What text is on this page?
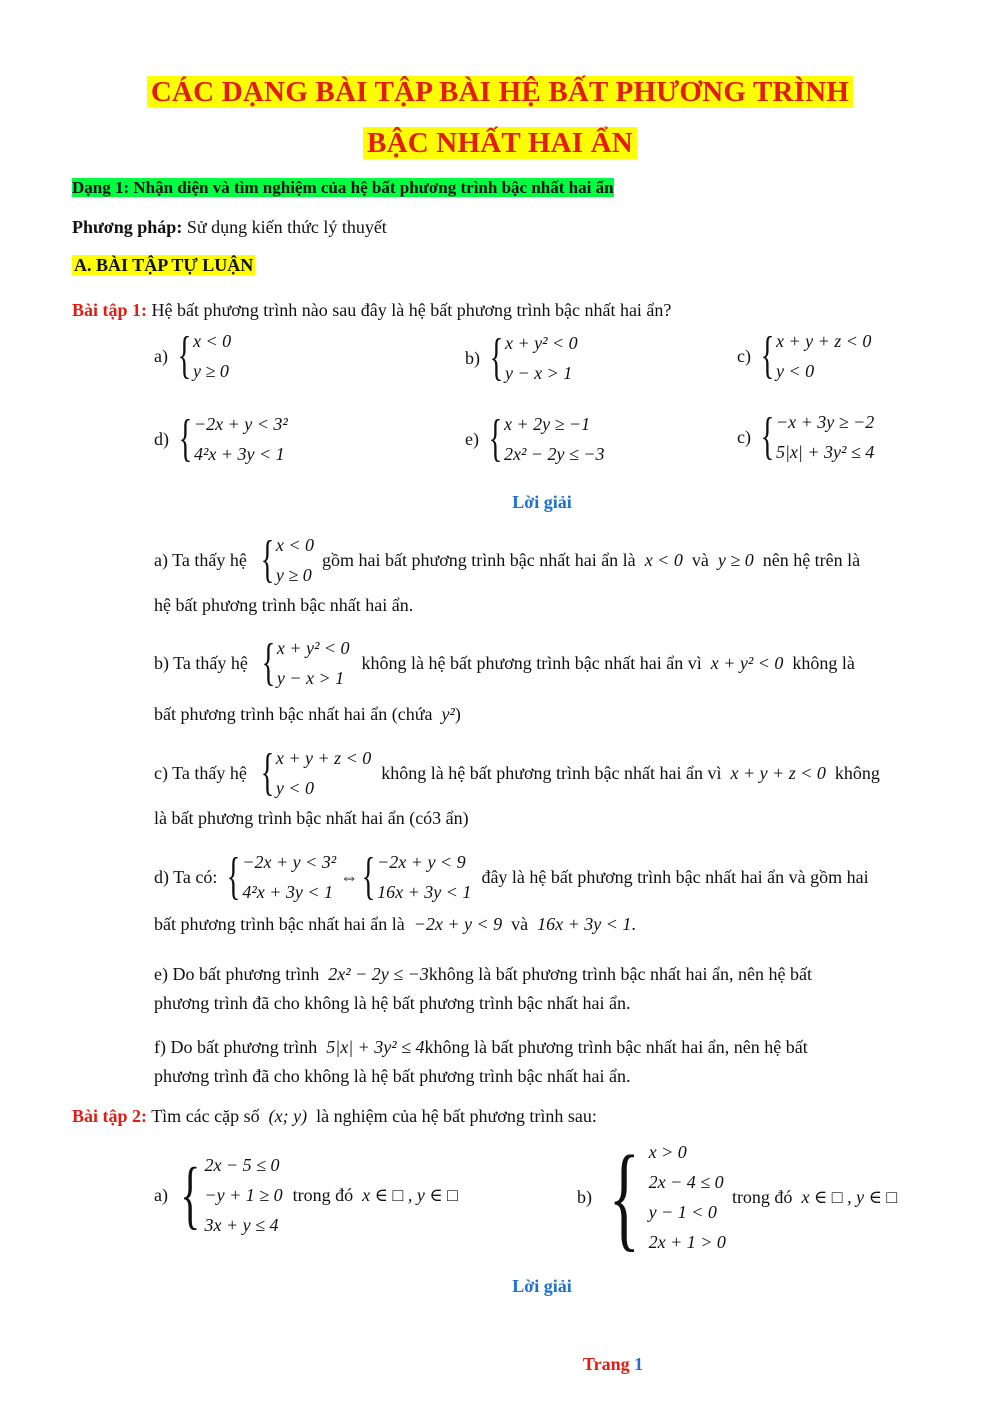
CÁC DẠNG BÀI TẬP BÀI HỆ BẤT PHƯƠNG TRÌNH
BẬC NHẤT HAI ẨN
Dạng 1: Nhận diện và tìm nghiệm của hệ bất phương trình bậc nhất hai ẩn
Phương pháp: Sử dụng kiến thức lý thuyết
A. BÀI TẬP TỰ LUẬN
Bài tập 1: Hệ bất phương trình nào sau đây là hệ bất phương trình bậc nhất hai ẩn?
a) { x < 0
y ≥ 0
b) { x + y² < 0
y − x > 1
c) { x + y + z < 0
y < 0
d) { −2x + y < 3²
4²x + 3y < 1
e) { x + 2y ≥ −1
2x² − 2y ≤ −3
c) { −x + 3y ≥ −2
5|x| + 3y² ≤ 4
Lời giải
a) Ta thấy hệ { x < 0
y ≥ 0
gồm hai bất phương trình bậc nhất hai ẩn là
x < 0
và
y ≥ 0
nên hệ trên là
hệ bất phương trình bậc nhất hai ẩn.
b) Ta thấy hệ { x + y² < 0
y − x > 1
không là hệ bất phương trình bậc nhất hai ẩn vì
x + y² < 0
không là
bất phương trình bậc nhất hai ẩn (chứa y²)
c) Ta thấy hệ { x + y + z < 0
y < 0
không là hệ bất phương trình bậc nhất hai ẩn vì
x + y + z < 0
không
là bất phương trình bậc nhất hai ẩn (có3 ẩn)
d) Ta có: { −2x + y < 3²
4²x + 3y < 1
⇔ { −2x + y < 9
16x + 3y < 1
đây là hệ bất phương trình bậc nhất hai ẩn và gồm hai
bất phương trình bậc nhất hai ẩn là −2x + y < 9 và 16x + 3y < 1.
e) Do bất phương trình 2x² − 2y ≤ −3không là bất phương trình bậc nhất hai ẩn, nên hệ bất
phương trình đã cho không là hệ bất phương trình bậc nhất hai ẩn.
f) Do bất phương trình 5|x| + 3y² ≤ 4không là bất phương trình bậc nhất hai ẩn, nên hệ bất
phương trình đã cho không là hệ bất phương trình bậc nhất hai ẩn.
Bài tập 2: Tìm các cặp số (x; y)  là nghiệm của hệ bất phương trình sau:
a) { 2x − 5 ≤ 0
−y + 1 ≥ 0
3x + y ≤ 4
trong đó
x ∈ □ , y ∈ □	b) { x > 0
2x − 4 ≤ 0
y − 1 < 0
2x + 1 > 0
trong đó
x ∈ □ , y ∈ □
Lời giải
Trang 1
